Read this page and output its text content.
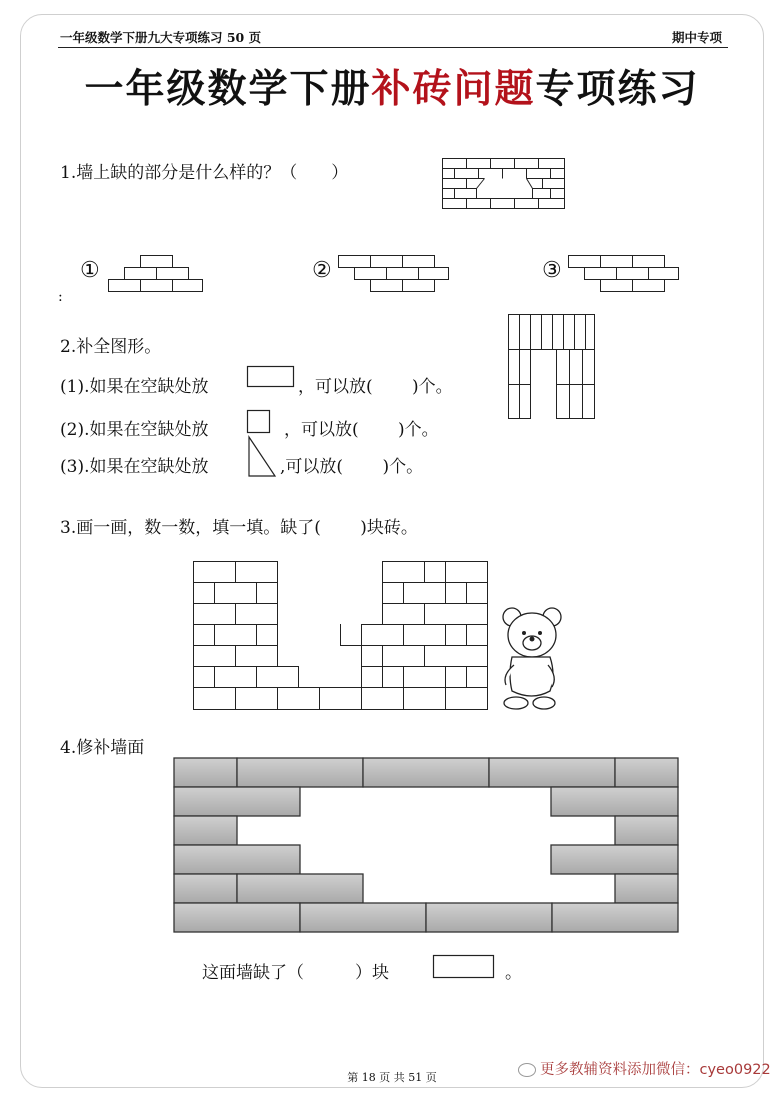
一年级数学下册九大专项练习 50 页	期中专项
一年级数学下册补砖问题专项练习
1.墙上缺的部分是什么样的？（　　）
①	②	③
:
2.补全图形。
(1).如果在空缺处放	，可以放(　　 )个。
(2).如果在空缺处放	，可以放(　　 )个。
(3).如果在空缺处放	,可以放(　　 )个。
3.画一画，数一数，填一填。缺了(　　 )块砖。
4.修补墙面
这面墙缺了（　　　）块	。
第 18 页 共 51 页	更多教辅资料添加微信：cyeo0922
